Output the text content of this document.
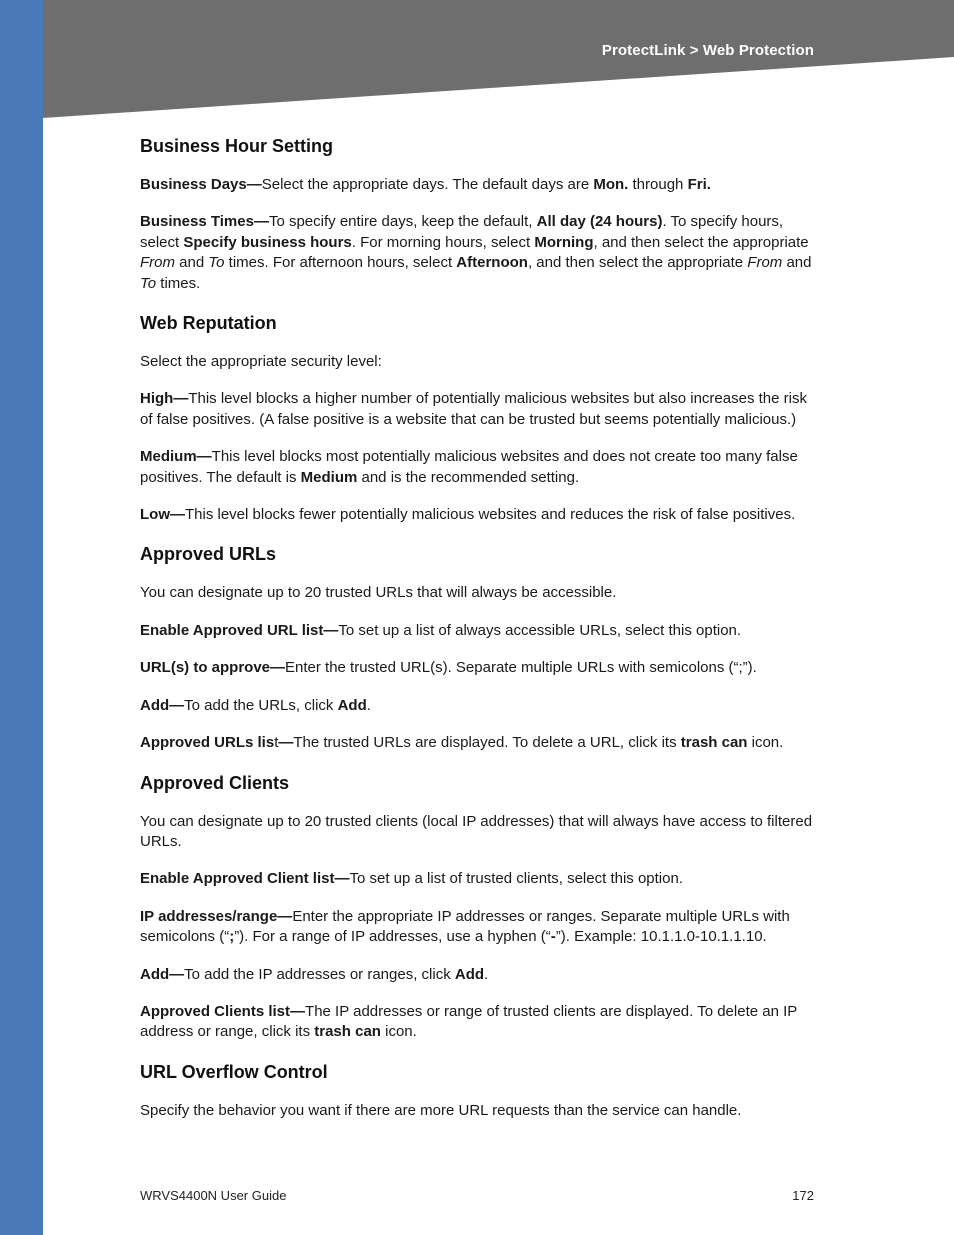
ProtectLink > Web Protection
Business Hour Setting

Business Days—Select the appropriate days. The default days are Mon. through Fri.

Business Times—To specify entire days, keep the default, All day (24 hours). To specify hours, select Specify business hours. For morning hours, select Morning, and then select the appropriate From and To times. For afternoon hours, select Afternoon, and then select the appropriate From and To times.

Web Reputation

Select the appropriate security level:

High—This level blocks a higher number of potentially malicious websites but also increases the risk of false positives. (A false positive is a website that can be trusted but seems potentially malicious.)

Medium—This level blocks most potentially malicious websites and does not create too many false positives. The default is Medium and is the recommended setting.

Low—This level blocks fewer potentially malicious websites and reduces the risk of false positives.

Approved URLs

You can designate up to 20 trusted URLs that will always be accessible.

Enable Approved URL list—To set up a list of always accessible URLs, select this option.

URL(s) to approve—Enter the trusted URL(s). Separate multiple URLs with semicolons (“;”).

Add—To add the URLs, click Add.

Approved URLs list—The trusted URLs are displayed. To delete a URL, click its trash can icon.

Approved Clients

You can designate up to 20 trusted clients (local IP addresses) that will always have access to filtered URLs.

Enable Approved Client list—To set up a list of trusted clients, select this option.

IP addresses/range—Enter the appropriate IP addresses or ranges. Separate multiple URLs with semicolons (“;”). For a range of IP addresses, use a hyphen (“-”). Example: 10.1.1.0-10.1.1.10.

Add—To add the IP addresses or ranges, click Add.

Approved Clients list—The IP addresses or range of trusted clients are displayed. To delete an IP address or range, click its trash can icon.

URL Overflow Control

Specify the behavior you want if there are more URL requests than the service can handle.

WRVS4400N User Guide	172
